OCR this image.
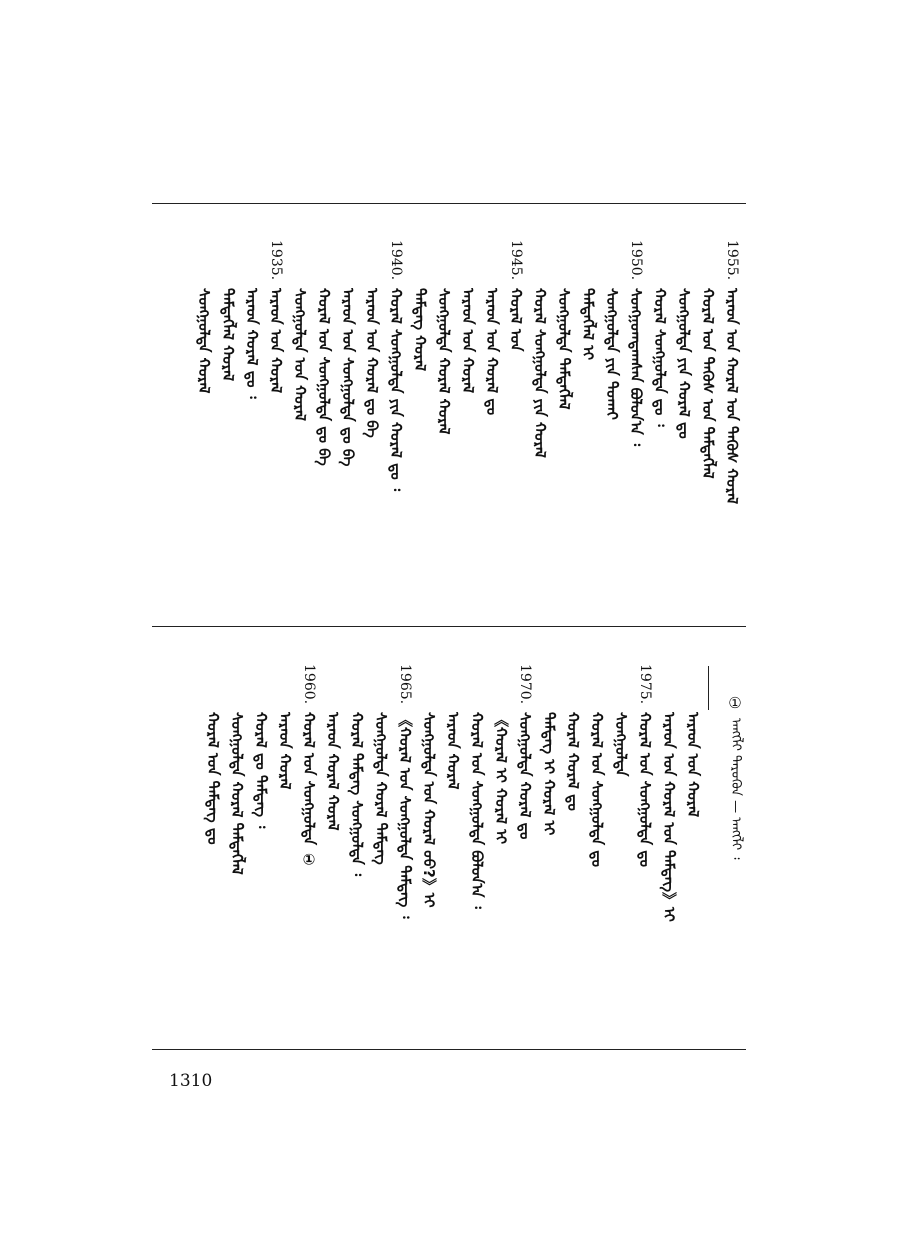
1955.
ᠠᠷᠠᠳ ᠤᠨ ᠬᠤᠷᠠᠯ ᠤᠨ ᠲᠡᠭᠦᠰ ᠬᠤᠷᠠᠯ
ᠬᠤᠷᠠᠯ ᠤᠨ ᠲᠡᠭᠦᠰ ᠤᠨ ᠲᠡᠮᠳᠡᠭᠯᠡᠯ
ᠰᠤᠩᠭᠤᠯᠲᠠ ᠶᠢᠨ ᠬᠤᠷᠠᠯ ᠳᠤ
ᠬᠤᠷᠠᠯ ᠰᠤᠩᠭᠤᠯᠲᠠ ᠳᠤ ᠄
1950.
ᠰᠤᠩᠭᠤᠭᠳᠠᠭᠰᠠᠨ ᠪᠣᠯᠤᠨ᠎ᠠ ᠄
ᠰᠤᠩᠭᠤᠯᠲᠠ ᠶᠢᠨ ᠲᠤᠬᠠᠢ
ᠲᠡᠮᠳᠡᠭᠯᠡᠯ ᠢ
ᠰᠤᠩᠭᠤᠯᠲᠠ ᠲᠡᠮᠳᠡᠭᠯᠡᠯ
ᠬᠤᠷᠠᠯ ᠰᠤᠩᠭᠤᠯᠲᠠ ᠶᠢᠨ ᠬᠤᠷᠠᠯ
1945.
ᠬᠤᠷᠠᠯ ᠤᠨ
ᠠᠷᠠᠳ ᠤᠨ ᠬᠤᠷᠠᠯ ᠳᠤ
ᠠᠷᠠᠳ ᠤᠨ ᠬᠤᠷᠠᠯ
ᠰᠤᠩᠭᠤᠯᠲᠠ ᠬᠤᠷᠠᠯ ᠬᠤᠷᠠᠯ
ᠲᠡᠮᠳᠡᠭ ᠬᠤᠷᠠᠯ
1940.
ᠬᠤᠷᠠᠯ ᠰᠤᠩᠭᠤᠯᠲᠠ ᠶᠢᠨ ᠬᠤᠷᠠᠯ ᠳᠤ ᠄
ᠠᠷᠠᠳ ᠤᠨ ᠬᠤᠷᠠᠯ ᠳᠤ ᠪᠠ
ᠠᠷᠠᠳ ᠤᠨ ᠰᠤᠩᠭᠤᠯᠲᠠ ᠳᠤ ᠪᠠ
ᠬᠤᠷᠠᠯ ᠤᠨ ᠰᠤᠩᠭᠤᠯᠲᠠ ᠳᠤ ᠪᠠ
ᠰᠤᠩᠭᠤᠯᠲᠠ ᠤᠨ ᠬᠤᠷᠠᠯ
1935.
ᠠᠷᠠᠳ ᠤᠨ ᠬᠤᠷᠠᠯ
ᠠᠷᠠᠳ ᠬᠤᠷᠠᠯ ᠳᠤ ᠄
ᠲᠡᠮᠳᠡᠭᠯᠡᠯ ᠬᠤᠷᠠᠯ
ᠰᠤᠩᠭᠤᠯᠲᠠ ᠬᠤᠷᠠᠯ
①
ᠠᠩᠭᠯᠢ ᠳᠡᠷᠦᠭᠦᠨ — ᠠᠩᠭᠯᠢ ᠄
ᠠᠷᠠᠳ ᠤᠨ ᠬᠤᠷᠠᠯ
ᠠᠷᠠᠳ ᠤᠨ ᠬᠤᠷᠠᠯ ᠤᠨ ᠲᠡᠮᠳᠡᠭ》ᠢ
1975.
ᠬᠤᠷᠠᠯ ᠤᠨ ᠰᠤᠩᠭᠤᠯᠲᠠ ᠳᠤ
ᠰᠤᠩᠭᠤᠯᠲᠠ
ᠬᠤᠷᠠᠯ ᠤᠨ ᠰᠤᠩᠭᠤᠯᠲᠠ ᠳᠤ
ᠬᠤᠷᠠᠯ ᠬᠤᠷᠠᠯ ᠳᠤ
ᠲᠡᠮᠳᠡᠭ ᠢ ᠬᠤᠷᠠᠯ ᠢ
1970.
ᠰᠤᠩᠭᠤᠯᠲᠠ ᠬᠤᠷᠠᠯ ᠳᠤ
《ᠬᠤᠷᠠᠯ ᠢ ᠬᠤᠷᠠᠯ ᠢ
ᠬᠤᠷᠠᠯ ᠤᠨ ᠰᠤᠩᠭᠤᠯᠲᠠ ᠪᠣᠯᠤᠨ᠎ᠠ ᠄
ᠠᠷᠠᠳ ᠬᠤᠷᠠᠯ
ᠰᠤᠩᠭᠤᠯᠲᠠ ᠤᠨ ᠬᠤᠷᠠᠯ ᠤᠤ?》ᠢ
1965.
《ᠬᠤᠷᠠᠯ ᠤᠨ ᠰᠤᠩᠭᠤᠯᠲᠠ ᠲᠡᠮᠳᠡᠭ ᠄
ᠰᠤᠩᠭᠤᠯᠲᠠ ᠬᠤᠷᠠᠯ ᠲᠡᠮᠳᠡᠭ
ᠬᠤᠷᠠᠯ ᠲᠡᠮᠳᠡᠭ ᠰᠤᠩᠭᠤᠯᠲᠠ ᠄
ᠠᠷᠠᠳ ᠬᠤᠷᠠᠯ ᠬᠤᠷᠠᠯ
1960.
ᠬᠤᠷᠠᠯ ᠤᠨ ᠰᠤᠩᠭᠤᠯᠲᠠ ①
ᠠᠷᠠᠳ ᠬᠤᠷᠠᠯ
ᠬᠤᠷᠠᠯ ᠳᠤ ᠲᠡᠮᠳᠡᠭ ᠄
ᠰᠤᠩᠭᠤᠯᠲᠠ ᠬᠤᠷᠠᠯ ᠲᠡᠮᠳᠡᠭᠯᠡᠯ
ᠬᠤᠷᠠᠯ ᠤᠨ ᠲᠡᠮᠳᠡᠭ ᠳᠤ
1310
